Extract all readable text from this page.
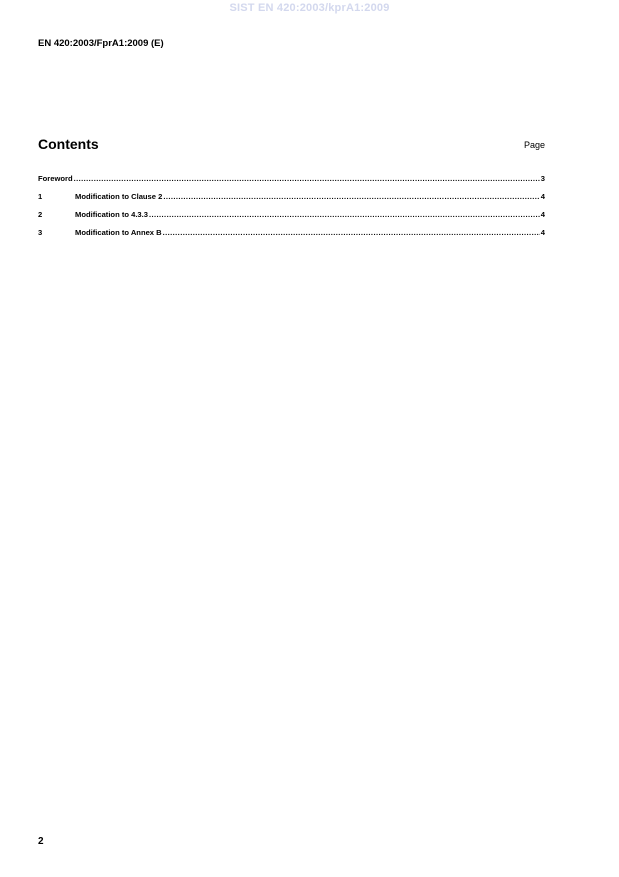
SIST EN 420:2003/kprA1:2009
EN 420:2003/FprA1:2009 (E)
Contents	Page
Foreword .....	3
1	Modification to Clause 2 .....	4
2	Modification to 4.3.3 .....	4
3	Modification to Annex B .....	4
2
